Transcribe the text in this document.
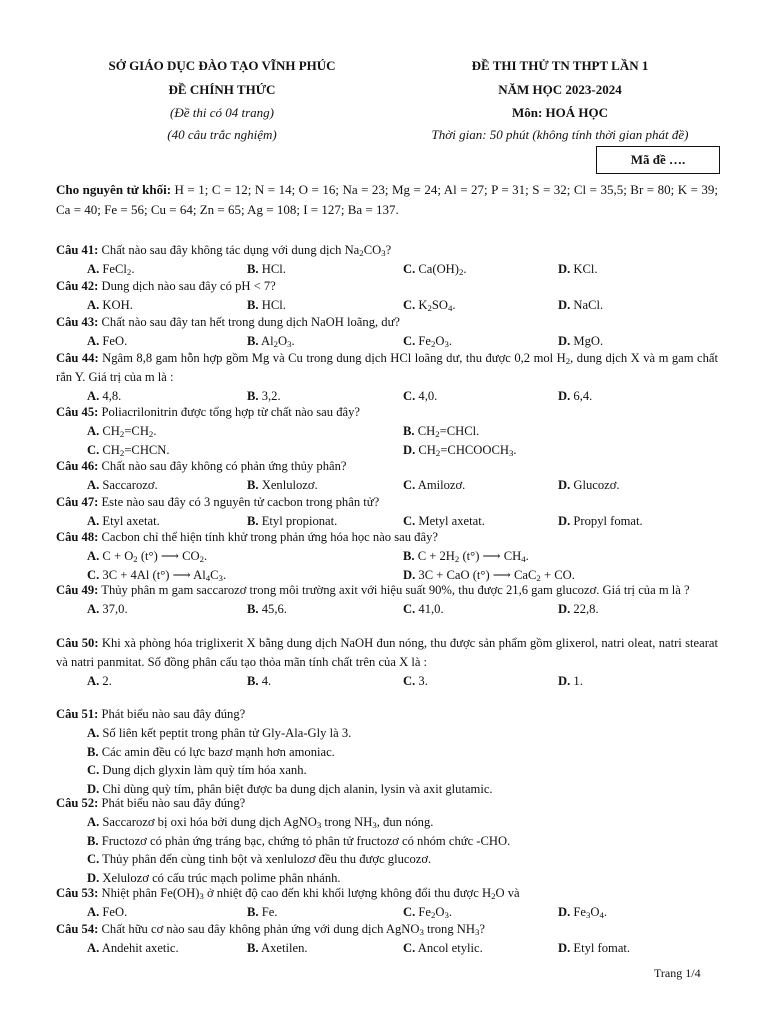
SỞ GIÁO DỤC ĐÀO TẠO VĨNH PHÚC
ĐỀ CHÍNH THỨC
(Đề thi có 04 trang)
(40 câu trắc nghiệm)
ĐỀ THI THỬ TN THPT LẦN 1
NĂM HỌC 2023-2024
Môn: HOÁ HỌC
Thời gian: 50 phút (không tính thời gian phát đề)
Mã đề ….
Cho nguyên tử khối: H = 1; C = 12; N = 14; O = 16; Na = 23; Mg = 24; Al = 27; P = 31; S = 32; Cl = 35,5; Br = 80; K = 39; Ca = 40; Fe = 56; Cu = 64; Zn = 65; Ag = 108; I = 127; Ba = 137.
Câu 41: Chất nào sau đây không tác dụng với dung dịch $Na_2CO_3$?
A. FeCl$_2$.	B. HCl.	C. $Ca(OH)_2$.	D. KCl.
Câu 42: Dung dịch nào sau đây có pH < 7?
A. KOH.	B. HCl.	C. $K_2SO_4$.	D. NaCl.
Câu 43: Chất nào sau đây tan hết trong dung dịch NaOH loãng, dư?
A. FeO.	B. $Al_2O_3$.	C. $Fe_2O_3$.	D. MgO.
Câu 44: Ngâm 8,8 gam hỗn hợp gồm Mg và Cu trong dung dịch HCl loãng dư, thu được 0,2 mol $H_2$, dung dịch X và m gam chất rắn Y. Giá trị của m là :
A. 4,8.	B. 3,2.	C. 4,0.	D. 6,4.
Câu 45: Poliacrilonitrin được tổng hợp từ chất nào sau đây?
A. $CH_2=CH_2$.	B. $CH_2=CHCl$.
C. $CH_2=CHCN$.	D. $CH_2=CHCOOCH_3$.
Câu 46: Chất nào sau đây không có phản ứng thủy phân?
A. Saccarozơ.	B. Xenlulozơ.	C. Amilozơ.	D. Glucozơ.
Câu 47: Este nào sau đây có 3 nguyên tử cacbon trong phân tử?
A. Etyl axetat.	B. Etyl propionat.	C. Metyl axetat.	D. Propyl fomat.
Câu 48: Cacbon chỉ thể hiện tính khử trong phản ứng hóa học nào sau đây?
A. $C + O_2$ (t°) ⟶ $CO_2$.	B. $C + 2H_2$ (t°) ⟶ $CH_4$.
C. 3C + 4Al (t°) ⟶ $Al_4C_3$.	D. 3C + CaO (t°) ⟶ CaC$_2$ + CO.
Câu 49: Thủy phân m gam saccarozơ trong môi trường axit với hiệu suất 90%, thu được 21,6 gam glucozơ. Giá trị của m là ?
A. 37,0.	B. 45,6.	C. 41,0.	D. 22,8.
Câu 50: Khi xà phòng hóa triglixerit X bằng dung dịch NaOH đun nóng, thu được sản phẩm gồm glixerol, natri oleat, natri stearat và natri panmitat. Số đồng phân cấu tạo thỏa mãn tính chất trên của X là :
A. 2.	B. 4.	C. 3.	D. 1.
Câu 51: Phát biểu nào sau đây đúng?
A. Số liên kết peptit trong phân tử Gly-Ala-Gly là 3.
B. Các amin đều có lực bazơ mạnh hơn amoniac.
C. Dung dịch glyxin làm quỳ tím hóa xanh.
D. Chỉ dùng quỳ tím, phân biệt được ba dung dịch alanin, lysin và axit glutamic.
Câu 52: Phát biểu nào sau đây đúng?
A. Saccarozơ bị oxi hóa bởi dung dịch AgNO$_3$ trong $NH_3$, đun nóng.
B. Fructozơ có phản ứng tráng bạc, chứng tỏ phân tử fructozơ có nhóm chức -CHO.
C. Thủy phân đến cùng tinh bột và xenlulozơ đều thu được glucozơ.
D. Xelulozơ có cấu trúc mạch polime phân nhánh.
Câu 53: Nhiệt phân $Fe(OH)_3$ ở nhiệt độ cao đến khi khối lượng không đổi thu được $H_2O$ và
A. FeO.	B. Fe.	C. $Fe_2O_3$.	D. $Fe_3O_4$.
Câu 54: Chất hữu cơ nào sau đây không phản ứng với dung dịch AgNO$_3$ trong $NH_3$?
A. Andehit axetic.	B. Axetilen.	C. Ancol etylic.	D. Etyl fomat.
Trang 1/4
